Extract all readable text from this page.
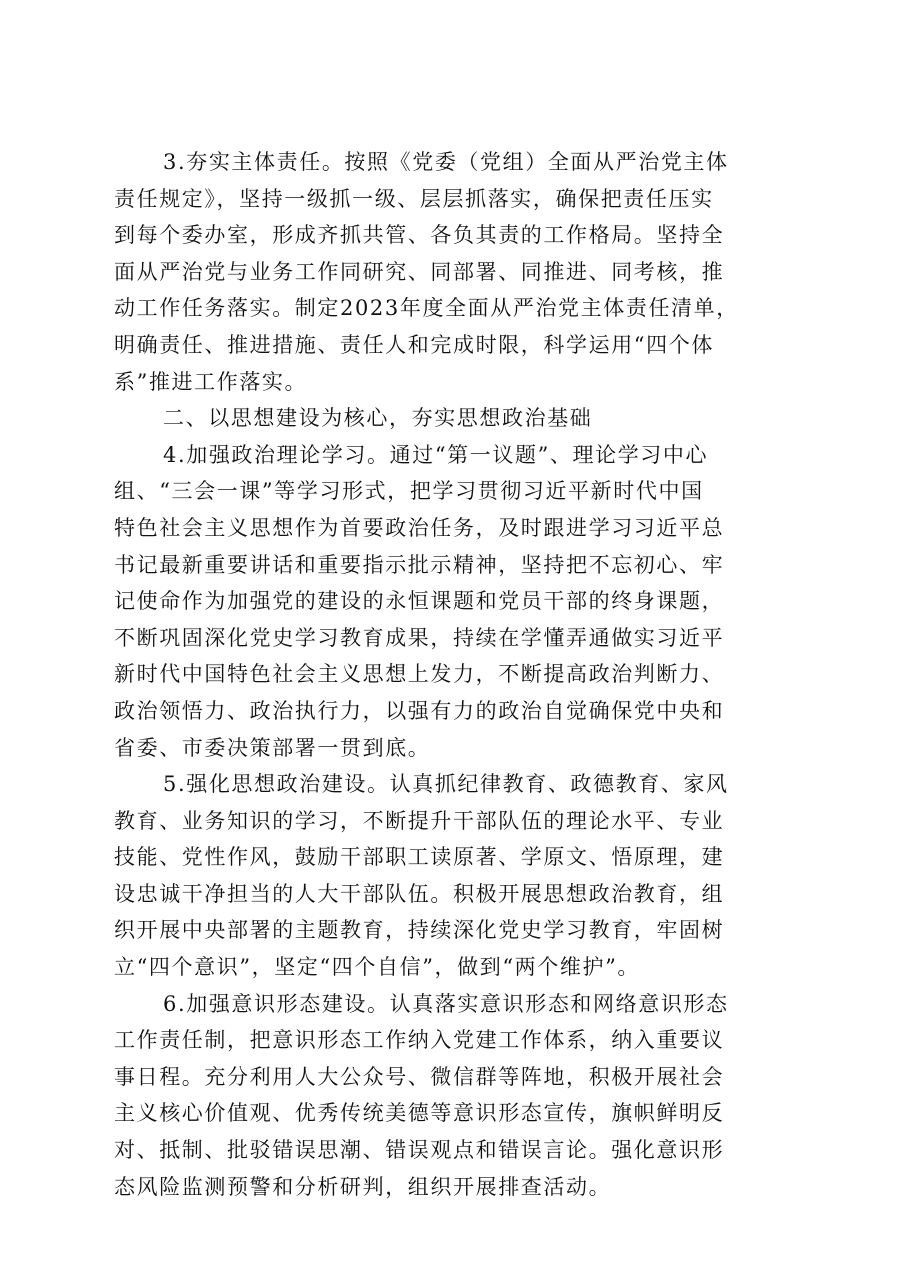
3.夯实主体责任。按照《党委（党组）全面从严治党主体
责任规定》，坚持一级抓一级、层层抓落实，确保把责任压实
到每个委办室，形成齐抓共管、各负其责的工作格局。坚持全
面从严治党与业务工作同研究、同部署、同推进、同考核，推
动工作任务落实。制定2023年度全面从严治党主体责任清单，
明确责任、推进措施、责任人和完成时限，科学运用“四个体
系”推进工作落实。

二、以思想建设为核心，夯实思想政治基础

4.加强政治理论学习。通过“第一议题”、理论学习中心
组、“三会一课”等学习形式，把学习贯彻习近平新时代中国
特色社会主义思想作为首要政治任务，及时跟进学习习近平总
书记最新重要讲话和重要指示批示精神，坚持把不忘初心、牢
记使命作为加强党的建设的永恒课题和党员干部的终身课题，
不断巩固深化党史学习教育成果，持续在学懂弄通做实习近平
新时代中国特色社会主义思想上发力，不断提高政治判断力、
政治领悟力、政治执行力，以强有力的政治自觉确保党中央和
省委、市委决策部署一贯到底。

5.强化思想政治建设。认真抓纪律教育、政德教育、家风
教育、业务知识的学习，不断提升干部队伍的理论水平、专业
技能、党性作风，鼓励干部职工读原著、学原文、悟原理，建
设忠诚干净担当的人大干部队伍。积极开展思想政治教育，组
织开展中央部署的主题教育，持续深化党史学习教育，牢固树
立“四个意识”，坚定“四个自信”，做到“两个维护”。

6.加强意识形态建设。认真落实意识形态和网络意识形态
工作责任制，把意识形态工作纳入党建工作体系，纳入重要议
事日程。充分利用人大公众号、微信群等阵地，积极开展社会
主义核心价值观、优秀传统美德等意识形态宣传，旗帜鲜明反
对、抵制、批驳错误思潮、错误观点和错误言论。强化意识形
态风险监测预警和分析研判，组织开展排查活动。
